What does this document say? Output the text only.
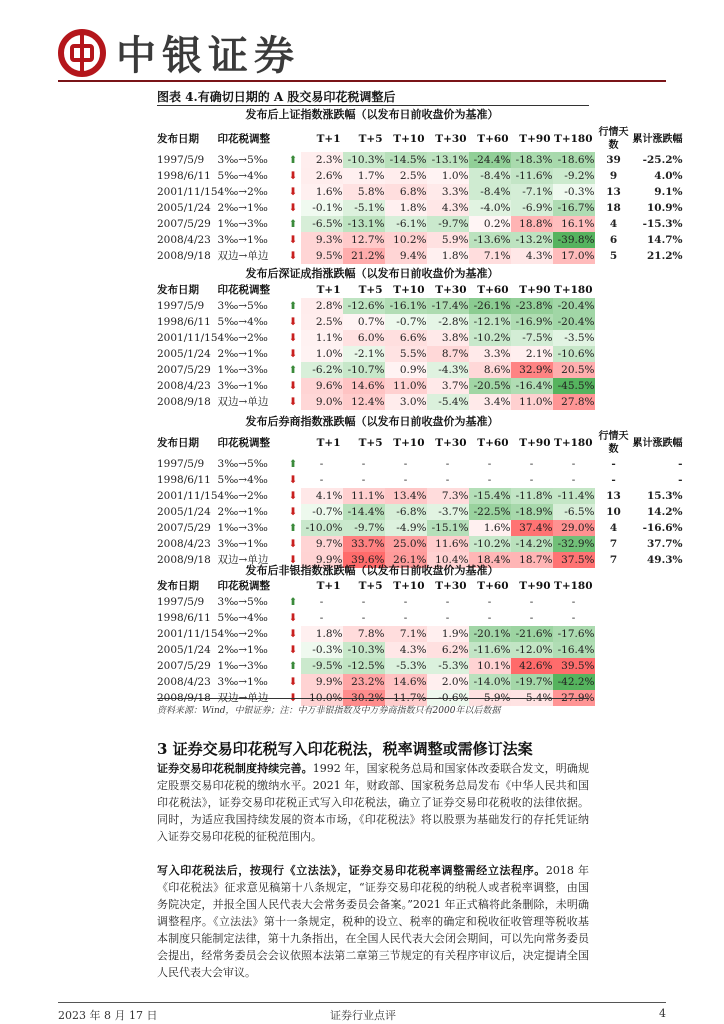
中银证券
图表 4.有确切日期的 A 股交易印花税调整后
发布后上证指数涨跌幅（以发布日前收盘价为基准）
发布日期	印花税调整		T+1	T+5	T+10	T+30	T+60	T+90	T+180	行情天数	累计涨跌幅
1997/5/9	3‰→5‰	⬆	2.3%	-10.3%	-14.5%	-13.1%	-24.4%	-18.3%	-18.6%	39	-25.2%
1998/6/11	5‰→4‰	⬇	2.6%	1.7%	2.5%	1.0%	-8.4%	-11.6%	-9.2%	9	4.0%
2001/11/15	4‰→2‰	⬇	1.6%	5.8%	6.8%	3.3%	-8.4%	-7.1%	-0.3%	13	9.1%
2005/1/24	2‰→1‰	⬇	-0.1%	-5.1%	1.8%	4.3%	-4.0%	-6.9%	-16.7%	18	10.9%
2007/5/29	1‰→3‰	⬆	-6.5%	-13.1%	-6.1%	-9.7%	0.2%	18.8%	16.1%	4	-15.3%
2008/4/23	3‰→1‰	⬇	9.3%	12.7%	10.2%	5.9%	-13.6%	-13.2%	-39.8%	6	14.7%
2008/9/18	双边→单边	⬇	9.5%	21.2%	9.4%	1.8%	7.1%	4.3%	17.0%	5	21.2%
发布后深证成指涨跌幅（以发布日前收盘价为基准）
发布日期	印花税调整		T+1	T+5	T+10	T+30	T+60	T+90	T+180
1997/5/9	3‰→5‰	⬆	2.8%	-12.6%	-16.1%	-17.4%	-26.1%	-23.8%	-20.4%
1998/6/11	5‰→4‰	⬇	2.5%	0.7%	-0.7%	-2.8%	-12.1%	-16.9%	-20.4%
2001/11/15	4‰→2‰	⬇	1.1%	6.0%	6.6%	3.8%	-10.2%	-7.5%	-3.5%
2005/1/24	2‰→1‰	⬇	1.0%	-2.1%	5.5%	8.7%	3.3%	2.1%	-10.6%
2007/5/29	1‰→3‰	⬆	-6.2%	-10.7%	0.9%	-4.3%	8.6%	32.9%	20.5%
2008/4/23	3‰→1‰	⬇	9.6%	14.6%	11.0%	3.7%	-20.5%	-16.4%	-45.5%
2008/9/18	双边→单边	⬇	9.0%	12.4%	3.0%	-5.4%	3.4%	11.0%	27.8%
发布后券商指数涨跌幅（以发布日前收盘价为基准）
发布日期	印花税调整		T+1	T+5	T+10	T+30	T+60	T+90	T+180	行情天数	累计涨跌幅
1997/5/9	3‰→5‰	⬆	-	-	-	-	-	-	-	-	-
1998/6/11	5‰→4‰	⬇	-	-	-	-	-	-	-	-	-
2001/11/15	4‰→2‰	⬇	4.1%	11.1%	13.4%	7.3%	-15.4%	-11.8%	-11.4%	13	15.3%
2005/1/24	2‰→1‰	⬇	-0.7%	-14.4%	-6.8%	-3.7%	-22.5%	-18.9%	-6.5%	10	14.2%
2007/5/29	1‰→3‰	⬆	-10.0%	-9.7%	-4.9%	-15.1%	1.6%	37.4%	29.0%	4	-16.6%
2008/4/23	3‰→1‰	⬇	9.7%	33.7%	25.0%	11.6%	-10.2%	-14.2%	-32.9%	7	37.7%
2008/9/18	双边→单边	⬇	9.9%	39.6%	26.1%	10.4%	18.4%	18.7%	37.5%	7	49.3%
发布后非银指数涨跌幅（以发布日前收盘价为基准）
发布日期	印花税调整		T+1	T+5	T+10	T+30	T+60	T+90	T+180
1997/5/9	3‰→5‰	⬆	-	-	-	-	-	-	-
1998/6/11	5‰→4‰	⬇	-	-	-	-	-	-	-
2001/11/15	4‰→2‰	⬇	1.8%	7.8%	7.1%	1.9%	-20.1%	-21.6%	-17.6%
2005/1/24	2‰→1‰	⬇	-0.3%	-10.3%	4.3%	6.2%	-11.6%	-12.0%	-16.4%
2007/5/29	1‰→3‰	⬆	-9.5%	-12.5%	-5.3%	-5.3%	10.1%	42.6%	39.5%
2008/4/23	3‰→1‰	⬇	9.9%	23.2%	14.6%	2.0%	-14.0%	-19.7%	-42.2%
2008/9/18	双边→单边	⬇	10.0%	30.2%	11.7%	-0.6%	5.9%	5.4%	27.9%
资料来源：Wind，中银证券；注：中万非银指数及中万券商指数只有2000年以后数据
3 证券交易印花税写入印花税法，税率调整或需修订法案
证券交易印花税制度持续完善。1992 年，国家税务总局和国家体改委联合发文，明确规定股票交易印花税的缴纳水平。2021 年，财政部、国家税务总局发布《中华人民共和国印花税法》，证券交易印花税正式写入印花税法，确立了证券交易印花税收的法律依据。同时，为适应我国持续发展的资本市场，《印花税法》将以股票为基础发行的存托凭证纳入证券交易印花税的征税范围内。
写入印花税法后，按现行《立法法》，证券交易印花税率调整需经立法程序。2018 年《印花税法》征求意见稿第十八条规定，“证券交易印花税的纳税人或者税率调整，由国务院决定，并报全国人民代表大会常务委员会备案。”2021 年正式稿将此条删除，未明确调整程序。《立法法》第十一条规定，税种的设立、税率的确定和税收征收管理等税收基本制度只能制定法律，第十九条指出，在全国人民代表大会闭会期间，可以先向常务委员会提出，经常务委员会会议依照本法第二章第三节规定的有关程序审议后，决定提请全国人民代表大会审议。
2023 年 8 月 17 日	证券行业点评	4
